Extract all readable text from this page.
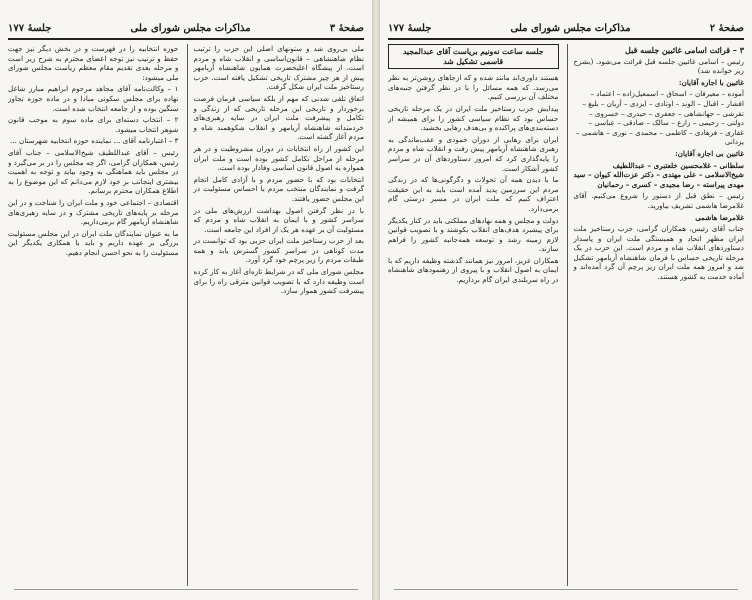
صفحهٔ ۳
مذاکرات مجلس شورای ملی
جلسهٔ ۱۷۷

ملی بی‌روی شد و ستونهای اصلی این حزب را ترتیب نظام شاهنشاهی – قانون‌اساسی و انقلاب شاه و مردم است. از پیشگاه اعلیحضرت همایون شاهنشاه آریامهر پیش از هر چیز مشترک تاریخی تشکیل یافته است. حزب رستاخیز ملت ایران شکل گرفت.

اتفاق تلقی شدنی که مهم از بلکه سیاسی فرمان فرصت برخوردار و تاریخی این مرحله تاریخی که از زندگی و تکامل و پیشرفت ملت ایران در سایه رهبری‌های خردمندانه شاهنشاه آریامهر و انقلاب شکوهمند شاه و مردم آغاز گشته است.

این کشور از راه انتخابات در دوران مشروطیت و در هر مرحله از مراحل تکامل کشور بوده است و ملت ایران همواره به اصول قانون اساسی وفادار بوده است.

انتخابات بود که با حضور مردم و با آزادی کامل انجام گرفت و نمایندگان منتخب مردم با احساس مسئولیت در این مجلس حضور یافتند.

با در نظر گرفتن اصول بهداشت ارزش‌های ملی در سراسر کشور و با ایمان به انقلاب شاه و مردم که مسئولیت آن بر عهده هر یک از افراد این جامعه است.

بعد از حزب رستاخیز ملت ایران حزبی بود که توانست در مدت کوتاهی در سراسر کشور گسترش یابد و همه طبقات مردم را زیر پرچم خود گرد آورد.

مجلس شورای ملی که در شرایط تازه‌ای آغاز به کار کرده است وظیفه دارد که با تصویب قوانین مترقی راه را برای پیشرفت کشور هموار سازد.

حوزه انتخابیه را در فهرست و در بخش دیگر نیز جهت حفظ و ترتیب نیز توجه اعضای محترم به شرح زیر است و مرحله بعدی تقدیم مقام معظم ریاست مجلس شورای ملی میشود:

۱ – وکالت‌نامه آقای مجاهد مرحوم ابراهیم مبارز شاغل نهاده برای مجلس سکونی مبادا و در ماده حوزه تجاوز سنگین بوده و از جامعه انتخاب شده است.

۲ – انتخاب دسته‌ای برای ماده سوم به موجب قانون شوهر انتخاب میشود.

۳ – اعتبارنامه آقای ... نماینده حوزه انتخابیه شهرستان ...

رئیس – آقای عبداللطیف شیخ‌الاسلامی – جناب آقای رئیس، همکاران گرامی، اگر چه مجلس را در بر می‌گیرد و در مجلس باید هماهنگی به وجود بیاید و توجه به اهمیت بیشتری اینجانب بر خود لازم می‌دانم که این موضوع را به اطلاع همکاران محترم برسانم.

اقتصادی – اجتماعی خود و ملت ایران را شناخت و در این مرحله بر پایه‌های تاریخی مشترک و در سایه رهبری‌های شاهنشاه آریامهر گام برمی‌داریم.

ما به عنوان نمایندگان ملت ایران در این مجلس مسئولیت بزرگی بر عهده داریم و باید با همکاری یکدیگر این مسئولیت را به نحو احسن انجام دهیم.

صفحهٔ ۲
مذاکرات مجلس شورای ملی
جلسهٔ ۱۷۷
۳ – قرائت اسامی غائبین جلسه قبل

رئیس – اسامی غائبین جلسه قبل قرائت می‌شود. (بشرح زیر خوانده شد)

غائبین با اجازه آقایان:

آموده – معیرفان – اسحاق – اسمعیل‌زاده – اعتماد – افشار – اقبال – الوند – اوتادی – ایزدی – آریان – بلیغ – تفرشی – جهانشاهی – جعفری – حیدری – خسروی – دولتی – رحیمی – زارع – سالک – صادقی – عباسی – غفاری – فرهادی – کاظمی – محمدی – نوری – هاشمی – یزدانی

غائبین بی اجازه آقایان:

سلطانی – غلامحسین خلعتبری – عبداللطیف شیخ‌الاسلامی – علی مهتدی – دکتر عزت‌الله کیوان – سید مهدی پیراسته – رضا مجیدی – کسری – رحمانیان

رئیس – نطق قبل از دستور را شروع می‌کنیم. آقای غلامرضا هاشمی تشریف بیاورید.

غلامرضا هاشمی

جناب آقای رئیس، همکاران گرامی، حزب رستاخیز ملت ایران مظهر اتحاد و همبستگی ملت ایران و پاسدار دستاوردهای انقلاب شاه و مردم است. این حزب در یک مرحله تاریخی حساس با فرمان شاهنشاه آریامهر تشکیل شد و امروز همه ملت ایران زیر پرچم آن گرد آمده‌اند و آماده خدمت به کشور هستند.

جلسه ساعت نه‌ونیم بریاست آقای عبدالمجید قاسمی تشکیل شد

هستند داوری‌اند مانند شده و که ازجاهای روشن‌تر به نظر می‌رسد. که همه مسائل را با در نظر گرفتن جنبه‌های مختلف آن بررسی کنیم.

پیدایش حزب رستاخیز ملت ایران در یک مرحله تاریخی حساس بود که نظام سیاسی کشور را برای همیشه از دسته‌بندی‌های پراکنده و بی‌هدف رهایی بخشید.

ایران برای رهایی از دوران خمودی و عقب‌ماندگی به رهبری شاهنشاه آریامهر پیش رفت و انقلاب شاه و مردم را پایه‌گذاری کرد که امروز دستاوردهای آن در سراسر کشور آشکار است.

ما با دیدن همه آن تحولات و دگرگونی‌ها که در زندگی مردم این سرزمین پدید آمده است باید به این حقیقت اعتراف کنیم که ملت ایران در مسیر درستی گام برمی‌دارد.

دولت و مجلس و همه نهادهای مملکتی باید در کنار یکدیگر برای پیشبرد هدف‌های انقلاب بکوشند و با تصویب قوانین لازم زمینه رشد و توسعه همه‌جانبه کشور را فراهم سازند.

همکاران عزیز، امروز نیز همانند گذشته وظیفه داریم که با ایمان به اصول انقلاب و با پیروی از رهنمودهای شاهنشاه در راه سربلندی ایران گام برداریم.
